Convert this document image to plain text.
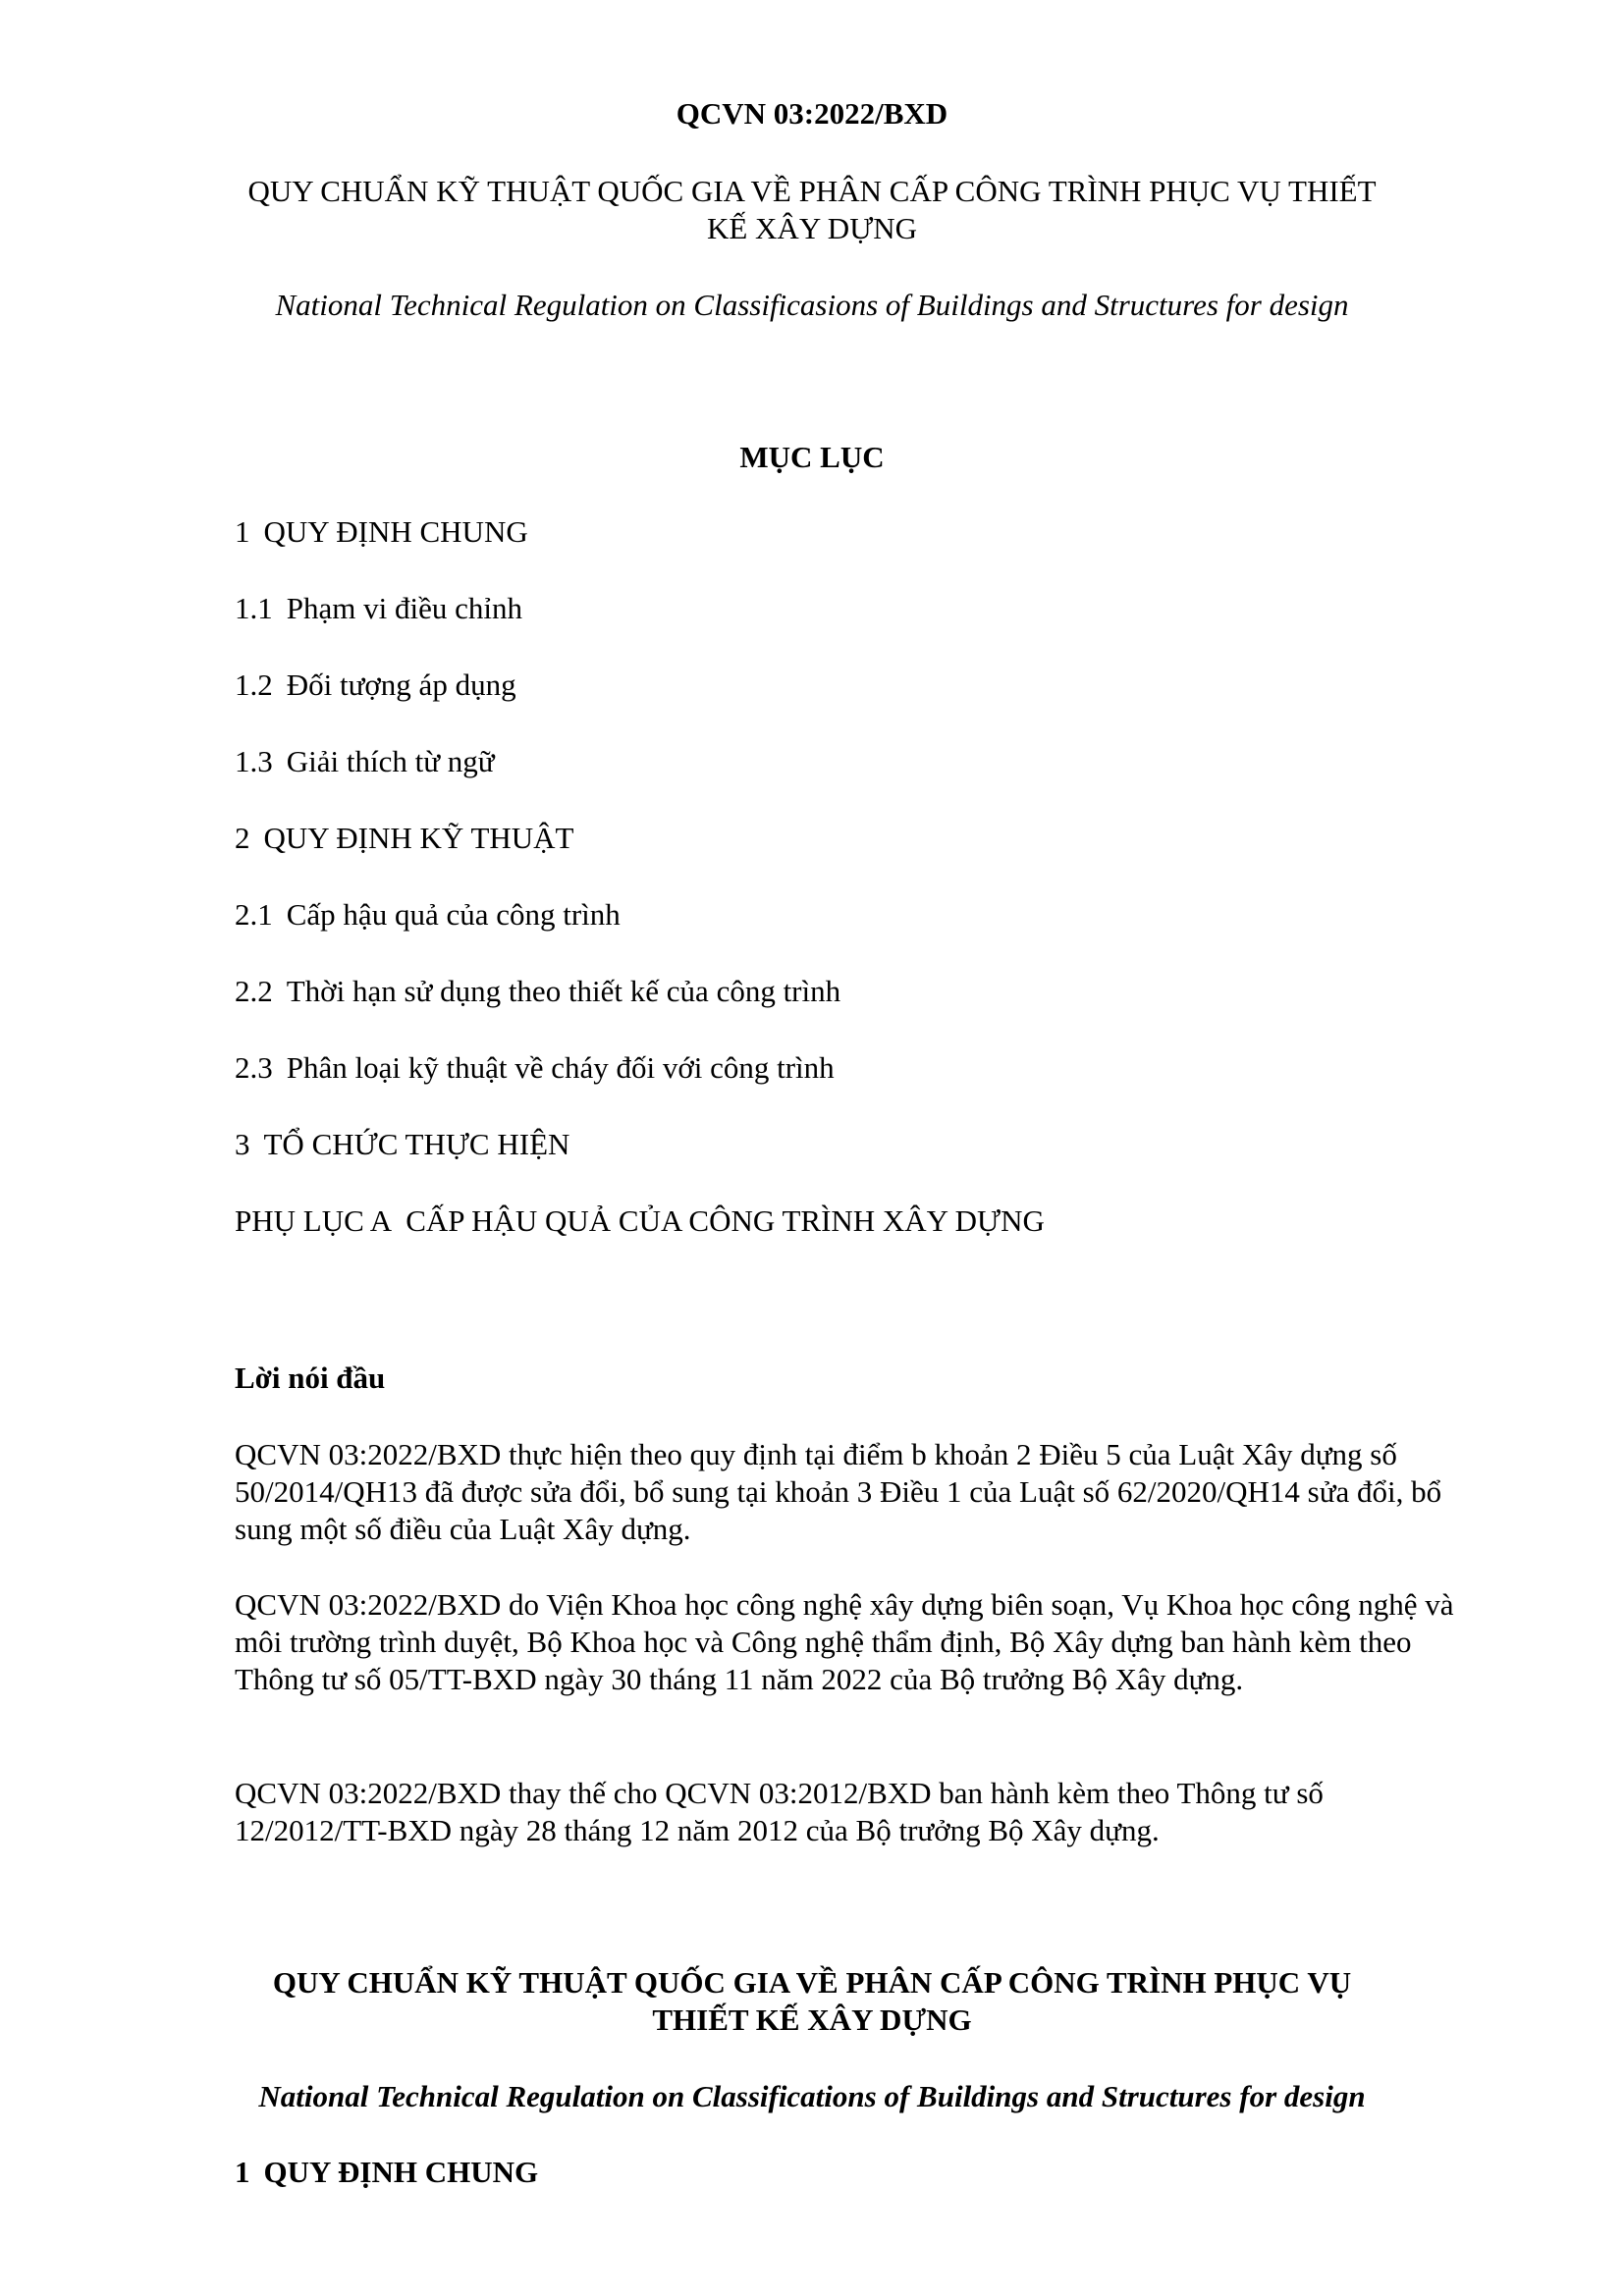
QCVN 03:2022/BXD

QUY CHUẨN KỸ THUẬT QUỐC GIA VỀ PHÂN CẤP CÔNG TRÌNH PHỤC VỤ THIẾT
KẾ XÂY DỰNG

National Technical Regulation on Classificasions of Buildings and Structures for design

MỤC LỤC

1 QUY ĐỊNH CHUNG
1.1 Phạm vi điều chỉnh
1.2 Đối tượng áp dụng
1.3 Giải thích từ ngữ
2 QUY ĐỊNH KỸ THUẬT
2.1 Cấp hậu quả của công trình
2.2 Thời hạn sử dụng theo thiết kế của công trình
2.3 Phân loại kỹ thuật về cháy đối với công trình
3 TỔ CHỨC THỰC HIỆN
PHỤ LỤC A CẤP HẬU QUẢ CỦA CÔNG TRÌNH XÂY DỰNG

Lời nói đầu

QCVN 03:2022/BXD thực hiện theo quy định tại điểm b khoản 2 Điều 5 của Luật Xây dựng số 50/2014/QH13 đã được sửa đổi, bổ sung tại khoản 3 Điều 1 của Luật số 62/2020/QH14 sửa đổi, bổ sung một số điều của Luật Xây dựng.

QCVN 03:2022/BXD do Viện Khoa học công nghệ xây dựng biên soạn, Vụ Khoa học công nghệ và môi trường trình duyệt, Bộ Khoa học và Công nghệ thẩm định, Bộ Xây dựng ban hành kèm theo Thông tư số 05/TT-BXD ngày 30 tháng 11 năm 2022 của Bộ trưởng Bộ Xây dựng.

QCVN 03:2022/BXD thay thế cho QCVN 03:2012/BXD ban hành kèm theo Thông tư số 12/2012/TT-BXD ngày 28 tháng 12 năm 2012 của Bộ trưởng Bộ Xây dựng.

QUY CHUẨN KỸ THUẬT QUỐC GIA VỀ PHÂN CẤP CÔNG TRÌNH PHỤC VỤ
THIẾT KẾ XÂY DỰNG

National Technical Regulation on Classifications of Buildings and Structures for design

1 QUY ĐỊNH CHUNG
